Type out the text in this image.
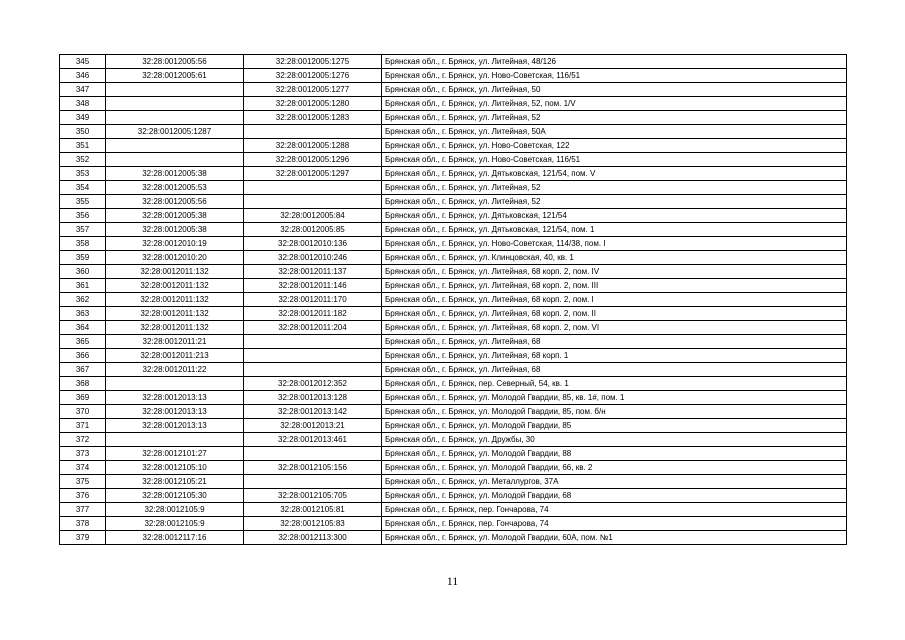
345	32:28:0012005:56	32:28:0012005:1275	Брянская обл., г. Брянск, ул. Литейная, 48/126
346	32:28:0012005:61	32:28:0012005:1276	Брянская обл., г. Брянск, ул. Ново-Советская, 116/51
347		32:28:0012005:1277	Брянская обл., г. Брянск, ул. Литейная, 50
348		32:28:0012005:1280	Брянская обл., г. Брянск, ул. Литейная, 52, пом. 1/V
349		32:28:0012005:1283	Брянская обл., г. Брянск, ул. Литейная, 52
350	32:28:0012005:1287		Брянская обл., г. Брянск, ул. Литейная, 50А
351		32:28:0012005:1288	Брянская обл., г. Брянск, ул. Ново-Советская, 122
352		32:28:0012005:1296	Брянская обл., г. Брянск, ул. Ново-Советская, 116/51
353	32:28:0012005:38	32:28:0012005:1297	Брянская обл., г. Брянск, ул. Дятьковская, 121/54, пом. V
354	32:28:0012005:53		Брянская обл., г. Брянск, ул. Литейная, 52
355	32:28:0012005:56		Брянская обл., г. Брянск, ул. Литейная, 52
356	32:28:0012005:38	32:28:0012005:84	Брянская обл., г. Брянск, ул. Дятьковская, 121/54
357	32:28:0012005:38	32:28:0012005:85	Брянская обл., г. Брянск, ул. Дятьковская, 121/54, пом. 1
358	32:28:0012010:19	32:28:0012010:136	Брянская обл., г. Брянск, ул. Ново-Советская, 114/38, пом. I
359	32:28:0012010:20	32:28:0012010:246	Брянская обл., г. Брянск, ул. Клинцовская, 40, кв. 1
360	32:28:0012011:132	32:28:0012011:137	Брянская обл., г. Брянск, ул. Литейная, 68 корп. 2, пом. IV
361	32:28:0012011:132	32:28:0012011:146	Брянская обл., г. Брянск, ул. Литейная, 68 корп. 2, пом. III
362	32:28:0012011:132	32:28:0012011:170	Брянская обл., г. Брянск, ул. Литейная, 68 корп. 2, пом. I
363	32:28:0012011:132	32:28:0012011:182	Брянская обл., г. Брянск, ул. Литейная, 68 корп. 2, пом. II
364	32:28:0012011:132	32:28:0012011:204	Брянская обл., г. Брянск, ул. Литейная, 68 корп. 2, пом. VI
365	32:28:0012011:21		Брянская обл., г. Брянск, ул. Литейная, 68
366	32:28:0012011:213		Брянская обл., г. Брянск, ул. Литейная, 68 корп. 1
367	32:28:0012011:22		Брянская обл., г. Брянск, ул. Литейная, 68
368		32:28:0012012:352	Брянская обл., г. Брянск, пер. Северный, 54, кв. 1
369	32:28:0012013:13	32:28:0012013:128	Брянская обл., г. Брянск, ул. Молодой Гвардии, 85, кв. 1#, пом. 1
370	32:28:0012013:13	32:28:0012013:142	Брянская обл., г. Брянск, ул. Молодой Гвардии, 85, пом. б/н
371	32:28:0012013:13	32:28:0012013:21	Брянская обл., г. Брянск, ул. Молодой Гвардии, 85
372		32:28:0012013:461	Брянская обл., г. Брянск, ул. Дружбы, 30
373	32:28:0012101:27		Брянская обл., г. Брянск, ул. Молодой Гвардии, 88
374	32:28:0012105:10	32:28:0012105:156	Брянская обл., г. Брянск, ул. Молодой Гвардии, 66, кв. 2
375	32:28:0012105:21		Брянская обл., г. Брянск, ул. Металлургов, 37А
376	32:28:0012105:30	32:28:0012105:705	Брянская обл., г. Брянск, ул. Молодой Гвардии, 68
377	32:28:0012105:9	32:28:0012105:81	Брянская обл., г. Брянск, пер. Гончарова, 74
378	32:28:0012105:9	32:28:0012105:83	Брянская обл., г. Брянск, пер. Гончарова, 74
379	32:28:0012117:16	32:28:0012113:300	Брянская обл., г. Брянск, ул. Молодой Гвардии, 60А, пом. №1
11
